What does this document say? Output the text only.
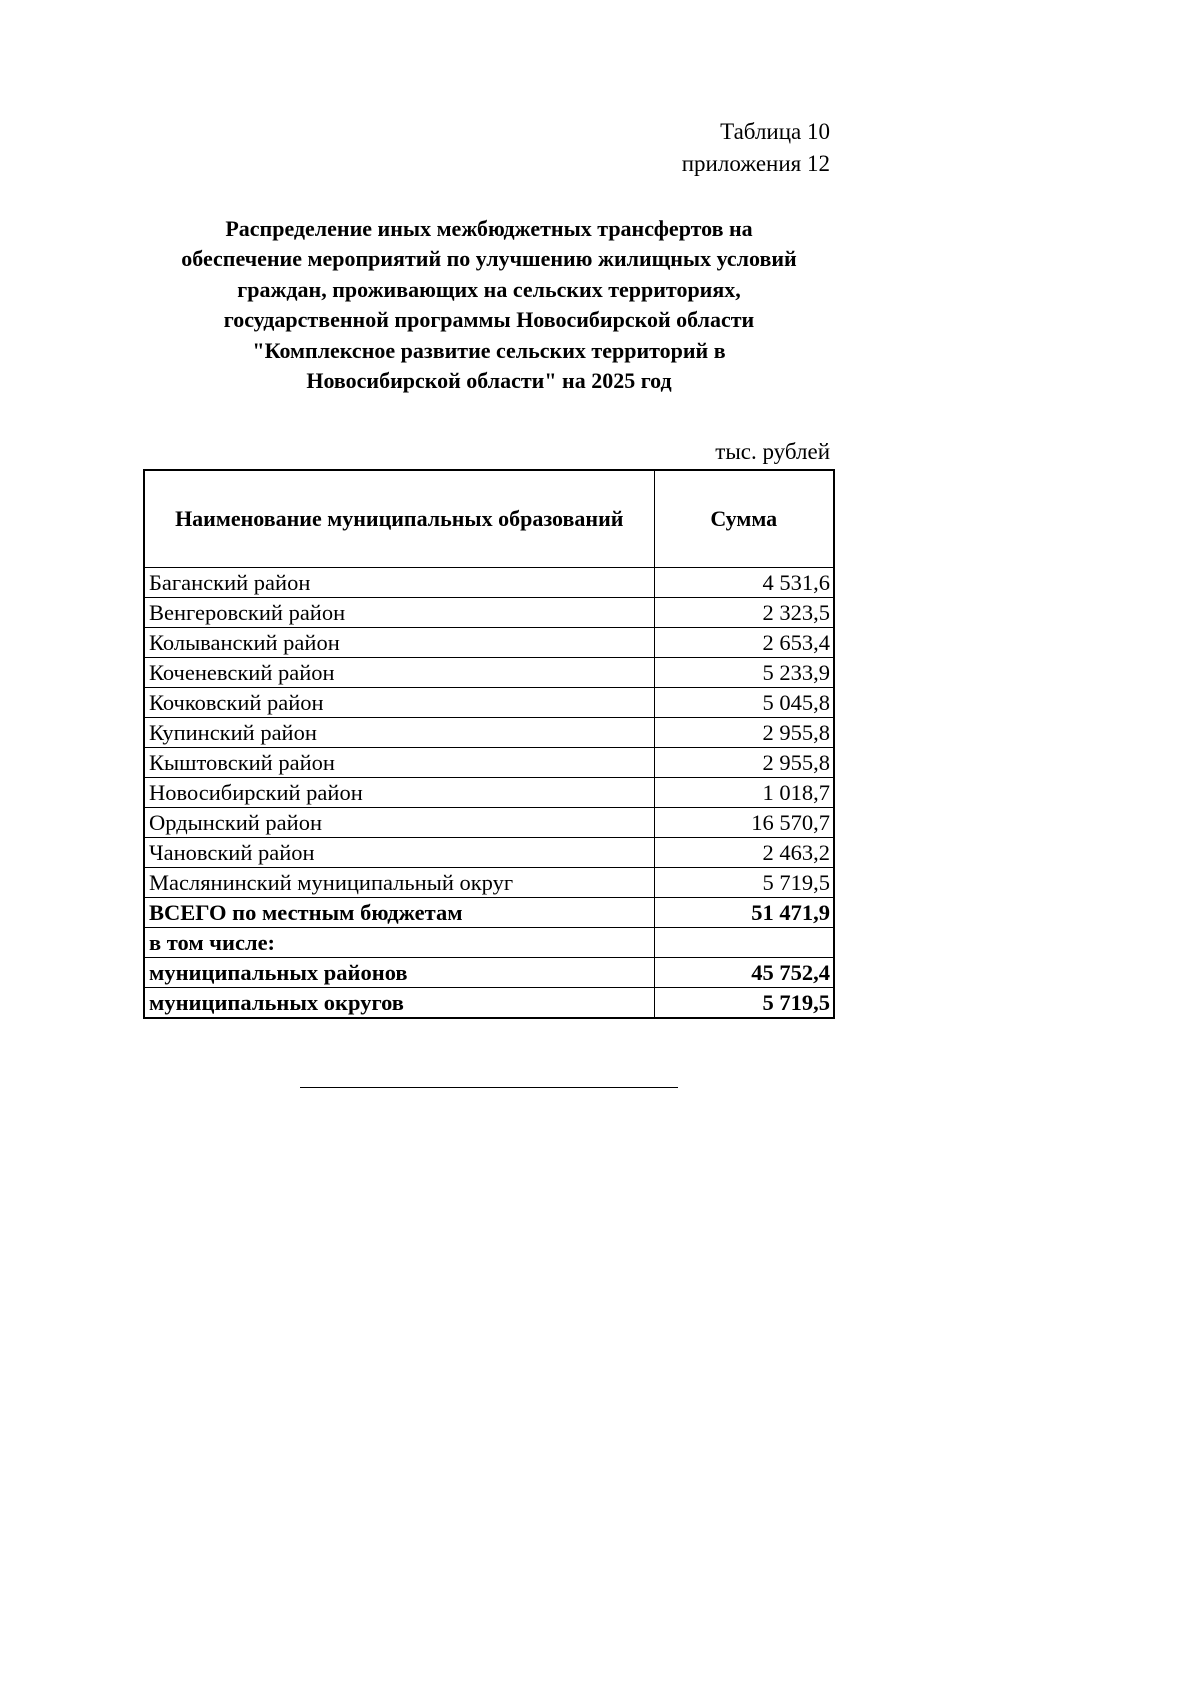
Таблица 10
приложения 12
Распределение иных межбюджетных трансфертов на
обеспечение мероприятий по улучшению жилищных условий
граждан, проживающих на сельских территориях,
государственной программы Новосибирской области
"Комплексное развитие сельских территорий в
Новосибирской области" на 2025 год
тыс. рублей
Наименование муниципальных образований	Сумма
Баганский район	4 531,6
Венгеровский район	2 323,5
Колыванский район	2 653,4
Коченевский район	5 233,9
Кочковский район	5 045,8
Купинский район	2 955,8
Кыштовский район	2 955,8
Новосибирский район	1 018,7
Ордынский район	16 570,7
Чановский район	2 463,2
Маслянинский муниципальный округ	5 719,5
ВСЕГО по местным бюджетам	51 471,9
в том числе:	
муниципальных районов	45 752,4
муниципальных округов	5 719,5
